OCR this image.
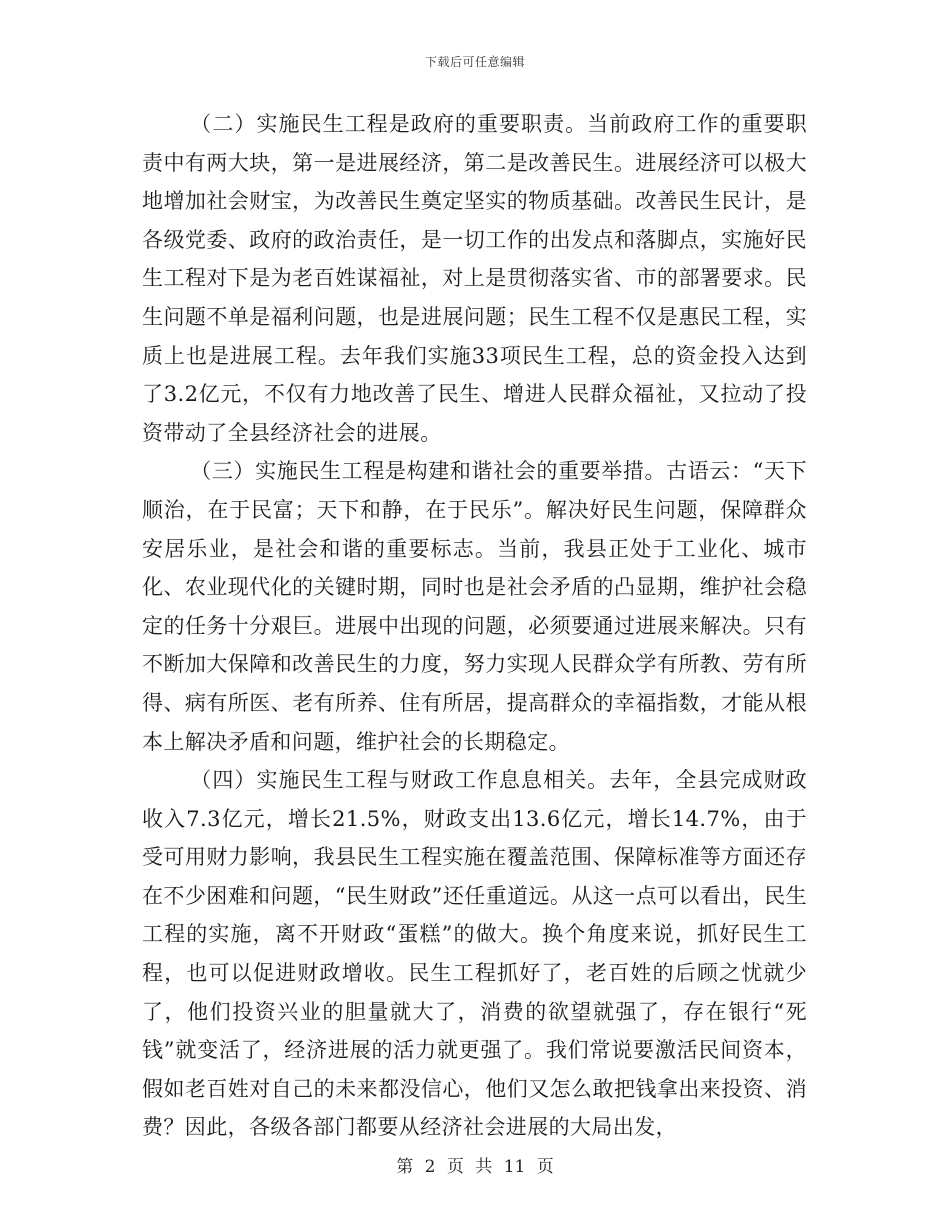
下载后可任意编辑

（二）实施民生工程是政府的重要职责。当前政府工作的重要职责中有两大块，第一是进展经济，第二是改善民生。进展经济可以极大地增加社会财宝，为改善民生奠定坚实的物质基础。改善民生民计，是各级党委、政府的政治责任，是一切工作的出发点和落脚点，实施好民生工程对下是为老百姓谋福祉，对上是贯彻落实省、市的部署要求。民生问题不单是福利问题，也是进展问题；民生工程不仅是惠民工程，实质上也是进展工程。去年我们实施33项民生工程，总的资金投入达到了3.2亿元，不仅有力地改善了民生、增进人民群众福祉，又拉动了投资带动了全县经济社会的进展。

（三）实施民生工程是构建和谐社会的重要举措。古语云：“天下顺治，在于民富；天下和静，在于民乐”。解决好民生问题，保障群众安居乐业，是社会和谐的重要标志。当前，我县正处于工业化、城市化、农业现代化的关键时期，同时也是社会矛盾的凸显期，维护社会稳定的任务十分艰巨。进展中出现的问题，必须要通过进展来解决。只有不断加大保障和改善民生的力度，努力实现人民群众学有所教、劳有所得、病有所医、老有所养、住有所居，提高群众的幸福指数，才能从根本上解决矛盾和问题，维护社会的长期稳定。

（四）实施民生工程与财政工作息息相关。去年，全县完成财政收入7.3亿元，增长21.5%，财政支出13.6亿元，增长14.7%，由于受可用财力影响，我县民生工程实施在覆盖范围、保障标准等方面还存在不少困难和问题，“民生财政”还任重道远。从这一点可以看出，民生工程的实施，离不开财政“蛋糕”的做大。换个角度来说，抓好民生工程，也可以促进财政增收。民生工程抓好了，老百姓的后顾之忧就少了，他们投资兴业的胆量就大了，消费的欲望就强了，存在银行“死钱”就变活了，经济进展的活力就更强了。我们常说要激活民间资本，假如老百姓对自己的未来都没信心，他们又怎么敢把钱拿出来投资、消费？因此，各级各部门都要从经济社会进展的大局出发，

第 2 页 共 11 页
